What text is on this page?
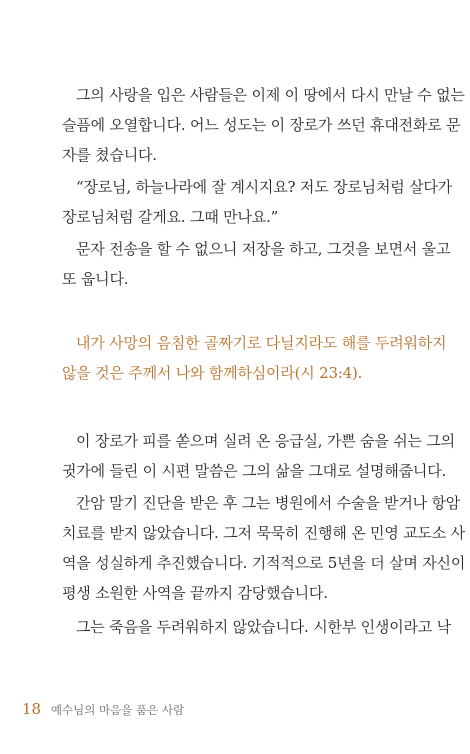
그의 사랑을 입은 사람들은 이제 이 땅에서 다시 만날 수 없는
슬픔에 오열합니다. 어느 성도는 이 장로가 쓰던 휴대전화로 문
자를 쳤습니다.
“장로님, 하늘나라에 잘 계시지요? 저도 장로님처럼 살다가
장로님처럼 갈게요. 그때 만나요.”
문자 전송을 할 수 없으니 저장을 하고, 그것을 보면서 울고
또 웁니다.
내가 사망의 음침한 골짜기로 다닐지라도 해를 두려워하지
않을 것은 주께서 나와 함께하심이라(시 23:4).
이 장로가 피를 쏟으며 실려 온 응급실, 가쁜 숨을 쉬는 그의
귓가에 들린 이 시편 말씀은 그의 삶을 그대로 설명해줍니다.
간암 말기 진단을 받은 후 그는 병원에서 수술을 받거나 항암
치료를 받지 않았습니다. 그저 묵묵히 진행해 온 민영 교도소 사
역을 성실하게 추진했습니다. 기적적으로 5년을 더 살며 자신이
평생 소원한 사역을 끝까지 감당했습니다.
그는 죽음을 두려워하지 않았습니다. 시한부 인생이라고 낙
18 예수님의 마음을 품은 사람
